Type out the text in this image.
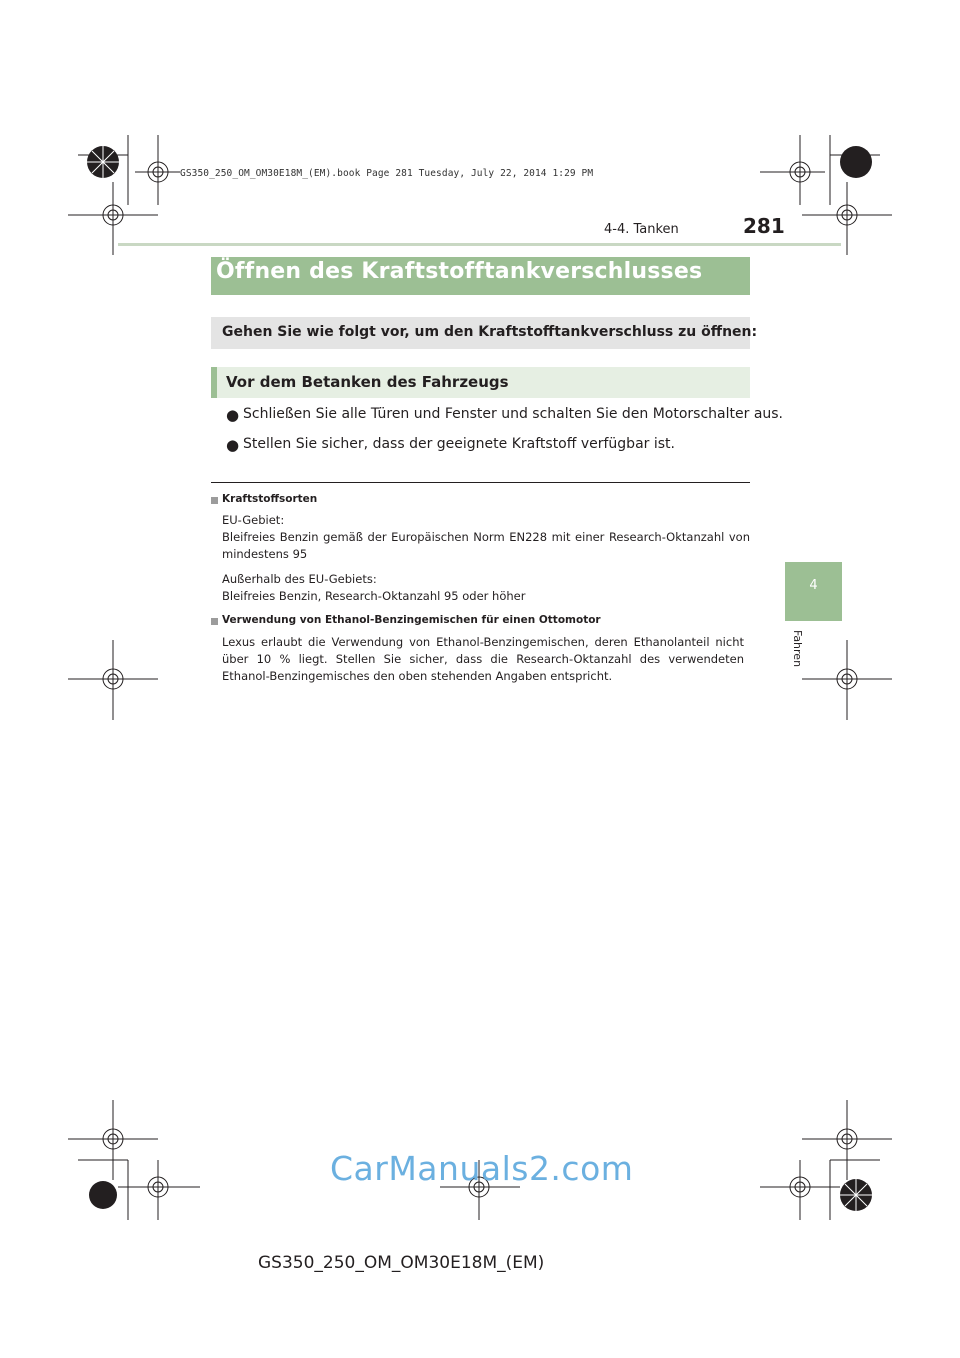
GS350_250_OM_OM30E18M_(EM).book Page 281 Tuesday, July 22, 2014 1:29 PM
4-4. Tanken	281
4
Fahren
Öffnen des Kraftstofftankverschlusses
Gehen Sie wie folgt vor, um den Kraftstofftankverschluss zu öffnen:
Vor dem Betanken des Fahrzeugs
● Schließen Sie alle Türen und Fenster und schalten Sie den Motorschalter aus.
● Stellen Sie sicher, dass der geeignete Kraftstoff verfügbar ist.
Kraftstoffsorten
EU-Gebiet:
Bleifreies Benzin gemäß der Europäischen Norm EN228 mit einer Research-Oktanzahl von mindestens 95
Außerhalb des EU-Gebiets:
Bleifreies Benzin, Research-Oktanzahl 95 oder höher
Verwendung von Ethanol-Benzingemischen für einen Ottomotor
Lexus erlaubt die Verwendung von Ethanol-Benzingemischen, deren Ethanolanteil nicht über 10 % liegt. Stellen Sie sicher, dass die Research-Oktanzahl des verwendeten Ethanol-Benzingemisches den oben stehenden Angaben entspricht.
CarManuals2.com
GS350_250_OM_OM30E18M_(EM)
